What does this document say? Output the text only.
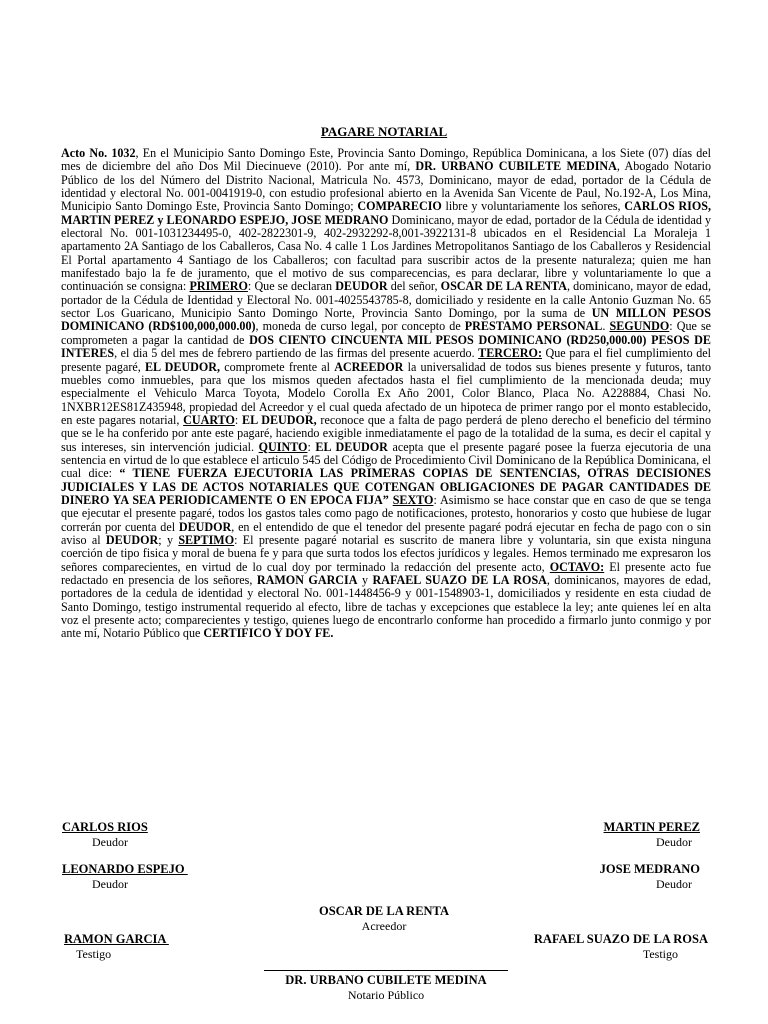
PAGARE NOTARIAL

Acto No. 1032, En el Municipio Santo Domingo Este, Provincia Santo Domingo, República Dominicana, a los Siete (07) días del mes de diciembre del año Dos Mil Diecinueve (2010). Por ante mí, DR. URBANO CUBILETE MEDINA, Abogado Notario Público de los del Número del Distrito Nacional, Matricula No. 4573, Dominicano, mayor de edad, portador de la Cédula de identidad y electoral No. 001-0041919-0, con estudio profesional abierto en la Avenida San Vicente de Paul, No.192-A, Los Mina, Municipio Santo Domingo Este, Provincia Santo Domingo; COMPARECIO libre y voluntariamente los señores, CARLOS RIOS, MARTIN PEREZ y LEONARDO ESPEJO, JOSE MEDRANO Dominicano, mayor de edad, portador de la Cédula de identidad y electoral No. 001-1031234495-0, 402-2822301-9, 402-2932292-8,001-3922131-8 ubicados en el Residencial La Moraleja 1 apartamento 2A Santiago de los Caballeros, Casa No. 4 calle 1 Los Jardines Metropolitanos Santiago de los Caballeros y Residencial El Portal apartamento 4 Santiago de los Caballeros; con facultad para suscribir actos de la presente naturaleza; quien me han manifestado bajo la fe de juramento, que el motivo de sus comparecencias, es para declarar, libre y voluntariamente lo que a continuación se consigna: PRIMERO: Que se declaran DEUDOR del señor, OSCAR DE LA RENTA, dominicano, mayor de edad, portador de la Cédula de Identidad y Electoral No. 001-4025543785-8, domiciliado y residente en la calle Antonio Guzman No. 65 sector Los Guaricano, Municipio Santo Domingo Norte, Provincia Santo Domingo, por la suma de UN MILLON PESOS DOMINICANO (RD$100,000,000.00), moneda de curso legal, por concepto de PRESTAMO PERSONAL. SEGUNDO: Que se comprometen a pagar la cantidad de DOS CIENTO CINCUENTA MIL PESOS DOMINICANO (RD250,000.00) PESOS DE INTERES, el dia 5 del mes de febrero partiendo de las firmas del presente acuerdo. TERCERO: Que para el fiel cumplimiento del presente pagaré, EL DEUDOR, compromete frente al ACREEDOR la universalidad de todos sus bienes presente y futuros, tanto muebles como inmuebles, para que los mismos queden afectados hasta el fiel cumplimiento de la mencionada deuda; muy especialmente el Vehiculo Marca Toyota, Modelo Corolla Ex Año 2001, Color Blanco, Placa No. A228884, Chasi No. 1NXBR12ES81Z435948, propiedad del Acreedor y el cual queda afectado de un hipoteca de primer rango por el monto establecido, en este pagares notarial, CUARTO: EL DEUDOR, reconoce que a falta de pago perderá de pleno derecho el beneficio del término que se le ha conferido por ante este pagaré, haciendo exigible inmediatamente el pago de la totalidad de la suma, es decir el capital y sus intereses, sin intervención judicial. QUINTO: EL DEUDOR acepta que el presente pagaré posee la fuerza ejecutoria de una sentencia en virtud de lo que establece el articulo 545 del Código de Procedimiento Civil Dominicano de la República Dominicana, el cual dice: “ TIENE FUERZA EJECUTORIA LAS PRIMERAS COPIAS DE SENTENCIAS, OTRAS DECISIONES JUDICIALES Y LAS DE ACTOS NOTARIALES QUE COTENGAN OBLIGACIONES DE PAGAR CANTIDADES DE DINERO YA SEA PERIODICAMENTE O EN EPOCA FIJA” SEXTO: Asimismo se hace constar que en caso de que se tenga que ejecutar el presente pagaré, todos los gastos tales como pago de notificaciones, protesto, honorarios y costo que hubiese de lugar correrán por cuenta del DEUDOR, en el entendido de que el tenedor del presente pagaré podrá ejecutar en fecha de pago con o sin aviso al DEUDOR; y SEPTIMO: El presente pagaré notarial es suscrito de manera libre y voluntaria, sin que exista ninguna coerción de tipo fisica y moral de buena fe y para que surta todos los efectos jurídicos y legales. Hemos terminado me expresaron los señores comparecientes, en virtud de lo cual doy por terminado la redacción del presente acto, OCTAVO: El presente acto fue redactado en presencia de los señores, RAMON GARCIA y RAFAEL SUAZO DE LA ROSA, dominicanos, mayores de edad, portadores de la cedula de identidad y electoral No. 001-1448456-9 y 001-1548903-1, domiciliados y residente en esta ciudad de Santo Domingo, testigo instrumental requerido al efecto, libre de tachas y excepciones que establece la ley; ante quienes leí en alta voz el presente acto; comparecientes y testigo, quienes luego de encontrarlo conforme han procedido a firmarlo junto conmigo y por ante mí, Notario Público que CERTIFICO Y DOY FE.

CARLOS RIOS
Deudor
MARTIN PEREZ
Deudor
LEONARDO ESPEJO
Deudor
JOSE MEDRANO
Deudor
OSCAR DE LA RENTA
Acreedor
RAMON GARCIA
Testigo
RAFAEL SUAZO DE LA ROSA
Testigo
DR. URBANO CUBILETE MEDINA
Notario Público
